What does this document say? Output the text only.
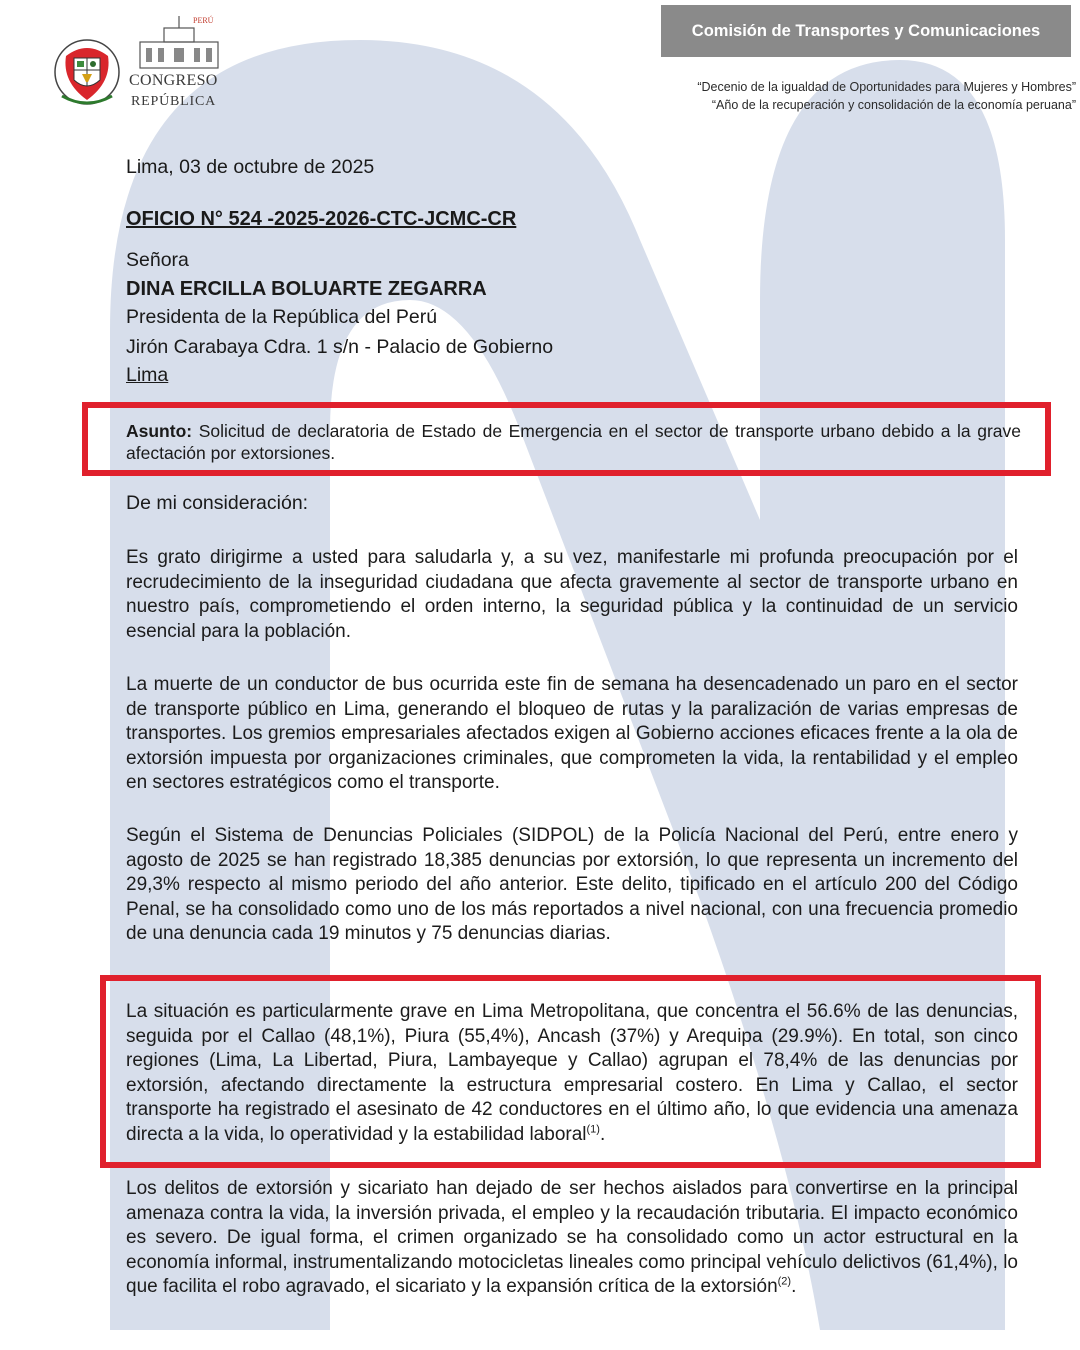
PERÚ
CONGRESO
REPÚBLICA
Comisión de Transportes y Comunicaciones
“Decenio de la igualdad de Oportunidades para Mujeres y Hombres”
“Año de la recuperación y consolidación de la economía peruana”
Lima, 03 de octubre de 2025
OFICIO N° 524 -2025-2026-CTC-JCMC-CR
Señora
DINA ERCILLA BOLUARTE ZEGARRA
Presidenta de la República del Perú
Jirón Carabaya Cdra. 1 s/n - Palacio de Gobierno
Lima
Asunto: Solicitud de declaratoria de Estado de Emergencia en el sector de transporte urbano debido a la grave afectación por extorsiones.
De mi consideración:

Es grato dirigirme a usted para saludarla y, a su vez, manifestarle mi profunda preocupación por el recrudecimiento de la inseguridad ciudadana que afecta gravemente al sector de transporte urbano en nuestro país, comprometiendo el orden interno, la seguridad pública y la continuidad de un servicio esencial para la población.

La muerte de un conductor de bus ocurrida este fin de semana ha desencadenado un paro en el sector de transporte público en Lima, generando el bloqueo de rutas y la paralización de varias empresas de transportes. Los gremios empresariales afectados exigen al Gobierno acciones eficaces frente a la ola de extorsión impuesta por organizaciones criminales, que comprometen la vida, la rentabilidad y el empleo en sectores estratégicos como el transporte.

Según el Sistema de Denuncias Policiales (SIDPOL) de la Policía Nacional del Perú, entre enero y agosto de 2025 se han registrado 18,385 denuncias por extorsión, lo que representa un incremento del 29,3% respecto al mismo periodo del año anterior. Este delito, tipificado en el artículo 200 del Código Penal, se ha consolidado como uno de los más reportados a nivel nacional, con una frecuencia promedio de una denuncia cada 19 minutos y 75 denuncias diarias.

La situación es particularmente grave en Lima Metropolitana, que concentra el 56.6% de las denuncias, seguida por el Callao (48,1%), Piura (55,4%), Ancash (37%) y Arequipa (29.9%). En total, son cinco regiones (Lima, La Libertad, Piura, Lambayeque y Callao) agrupan el 78,4% de las denuncias por extorsión, afectando directamente la estructura empresarial costero. En Lima y Callao, el sector transporte ha registrado el asesinato de 42 conductores en el último año, lo que evidencia una amenaza directa a la vida, lo operatividad y la estabilidad laboral$^{(1)}$.

Los delitos de extorsión y sicariato han dejado de ser hechos aislados para convertirse en la principal amenaza contra la vida, la inversión privada, el empleo y la recaudación tributaria. El impacto económico es severo. De igual forma, el crimen organizado se ha consolidado como un actor estructural en la economía informal, instrumentalizando motocicletas lineales como principal vehículo delictivos (61,4%), lo que facilita el robo agravado, el sicariato y la expansión crítica de la extorsión$^{(2)}$.
